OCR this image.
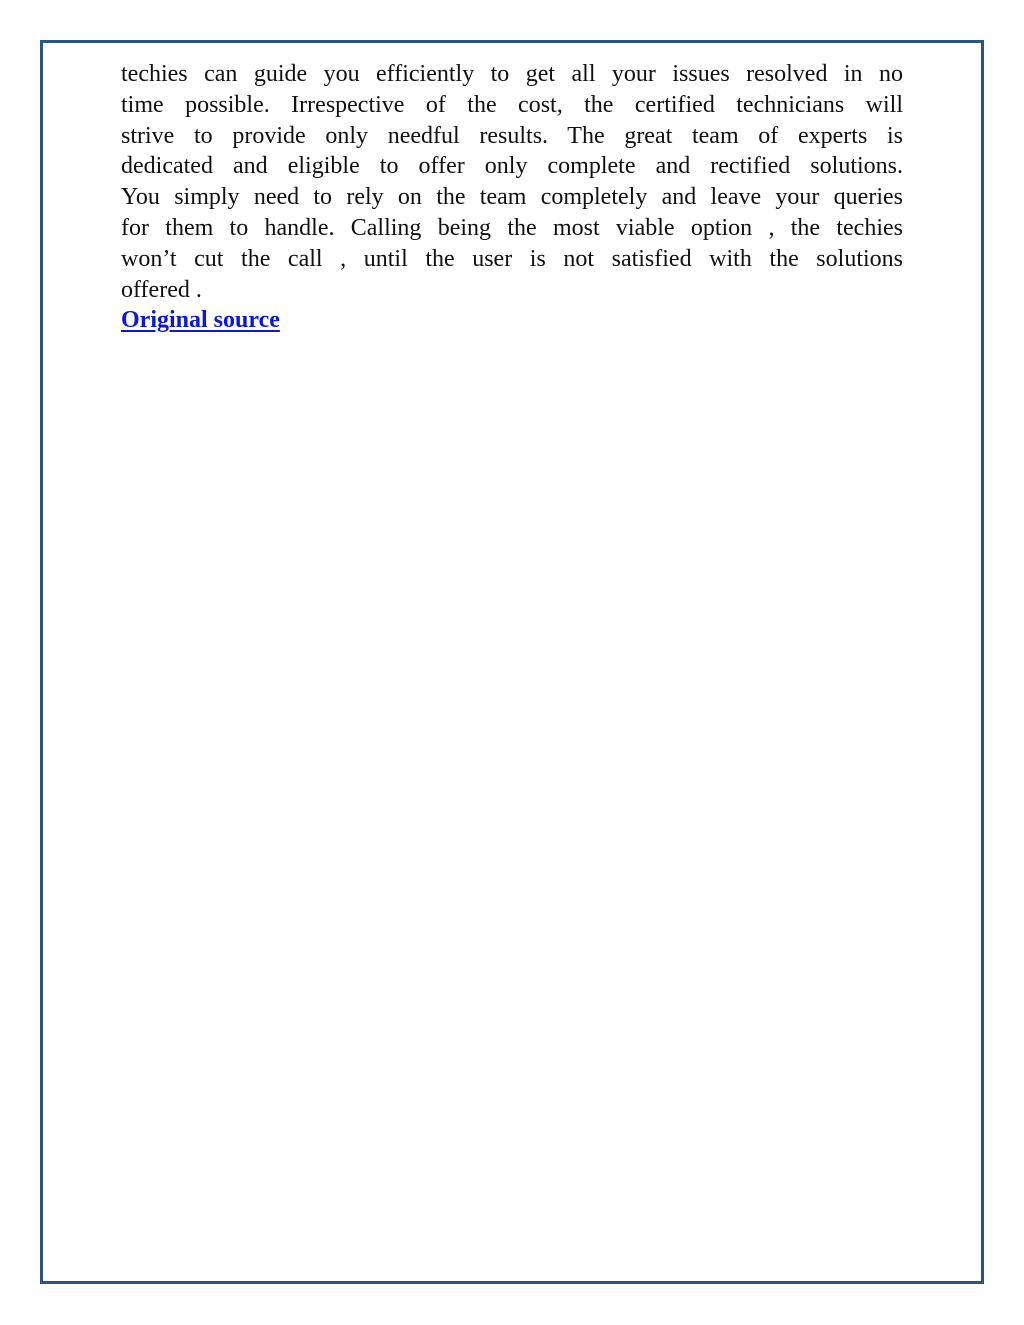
techies can guide you efficiently to get all your issues resolved in no
time possible. Irrespective of the cost, the certified technicians will
strive to provide only needful results. The great team of experts is
dedicated and eligible to offer only complete and rectified solutions.
You simply need to rely on the team completely and leave your queries
for them to handle. Calling being the most viable option , the techies
won’t cut the call , until the user is not satisfied with the solutions
offered .
Original source
